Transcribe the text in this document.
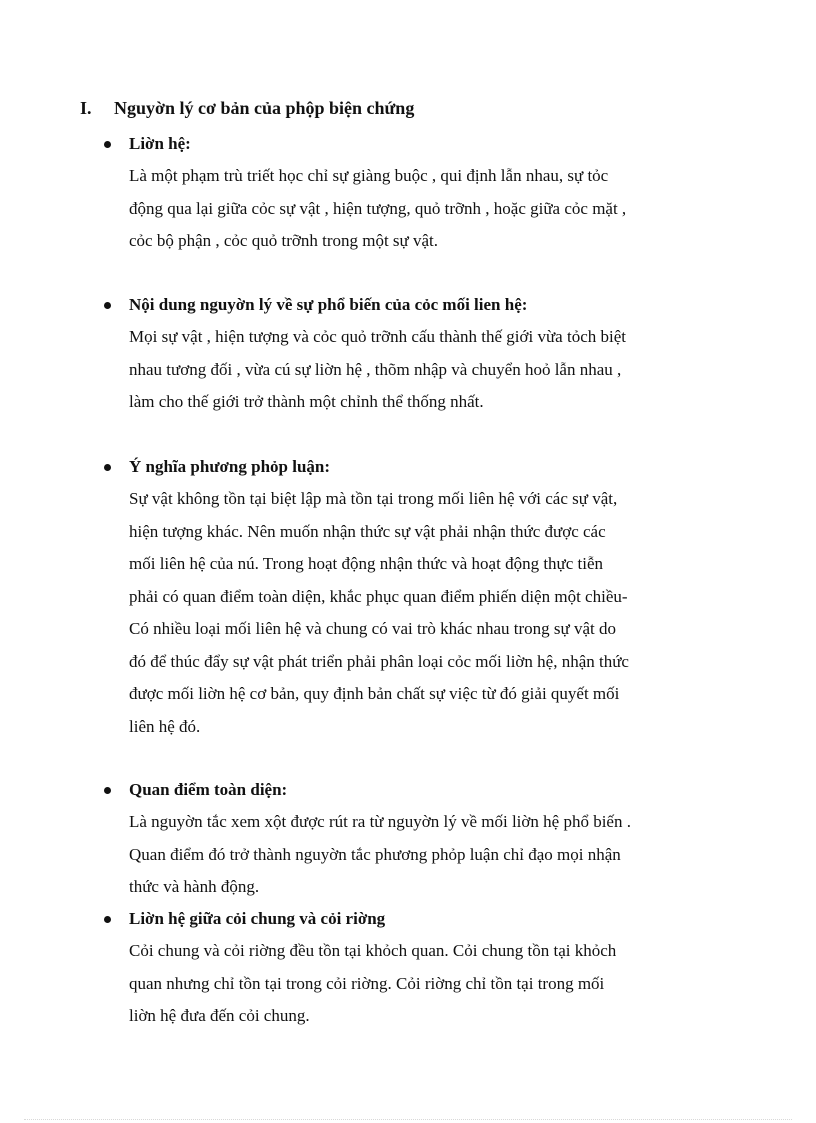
I. Nguyờn lý cơ bản của phộp biện chứng
Liờn hệ:
Là một phạm trù triết học chỉ sự giàng buộc , qui định lẫn nhau, sự tỏc
động qua lại giữa cỏc sự vật , hiện tượng, quỏ trỡnh , hoặc giữa cỏc mặt ,
cỏc bộ phận , cỏc quỏ trỡnh trong một sự vật.
Nội dung nguyờn lý về sự phổ biến của cỏc mối lien hệ:
Mọi sự vật , hiện tượng và cỏc quỏ trỡnh cấu thành thế giới vừa tỏch biệt
nhau tương đối , vừa cú sự liờn hệ , thõm nhập và chuyển hoỏ lẫn nhau ,
làm cho thế giới trở thành một chỉnh thể thống nhất.
Ý nghĩa phương phỏp luận:
Sự vật không tồn tại biệt lập mà tồn tại trong mối liên hệ với các sự vật,
hiện tượng khác. Nên muốn nhận thức sự vật phải nhận thức được các
mối liên hệ của nú. Trong hoạt động nhận thức và hoạt động thực tiễn
phải có quan điểm toàn diện, khắc phục quan điểm phiến diện một chiều-
Có nhiều loại mối liên hệ và chung có vai trò khác nhau trong sự vật do
đó để thúc đẩy sự vật phát triển phải phân loại cỏc mối liờn hệ, nhận thức
được mối liờn hệ cơ bản, quy định bản chất sự việc từ đó giải quyết mối
liên hệ đó.
Quan điểm toàn diện:
Là nguyờn tắc xem xột được rút ra từ nguyờn lý về mối liờn hệ phổ biến .
Quan điểm đó trở thành nguyờn tắc phương phỏp luận chỉ đạo mọi nhận
thức và hành động.
Liờn hệ giữa cỏi chung và cỏi riờng
Cỏi chung và cỏi riờng đều tồn tại khỏch quan. Cỏi chung tồn tại khỏch
quan nhưng chỉ tồn tại trong cỏi riờng. Cỏi riờng chỉ tồn tại trong mối
liờn hệ đưa đến cỏi chung.
